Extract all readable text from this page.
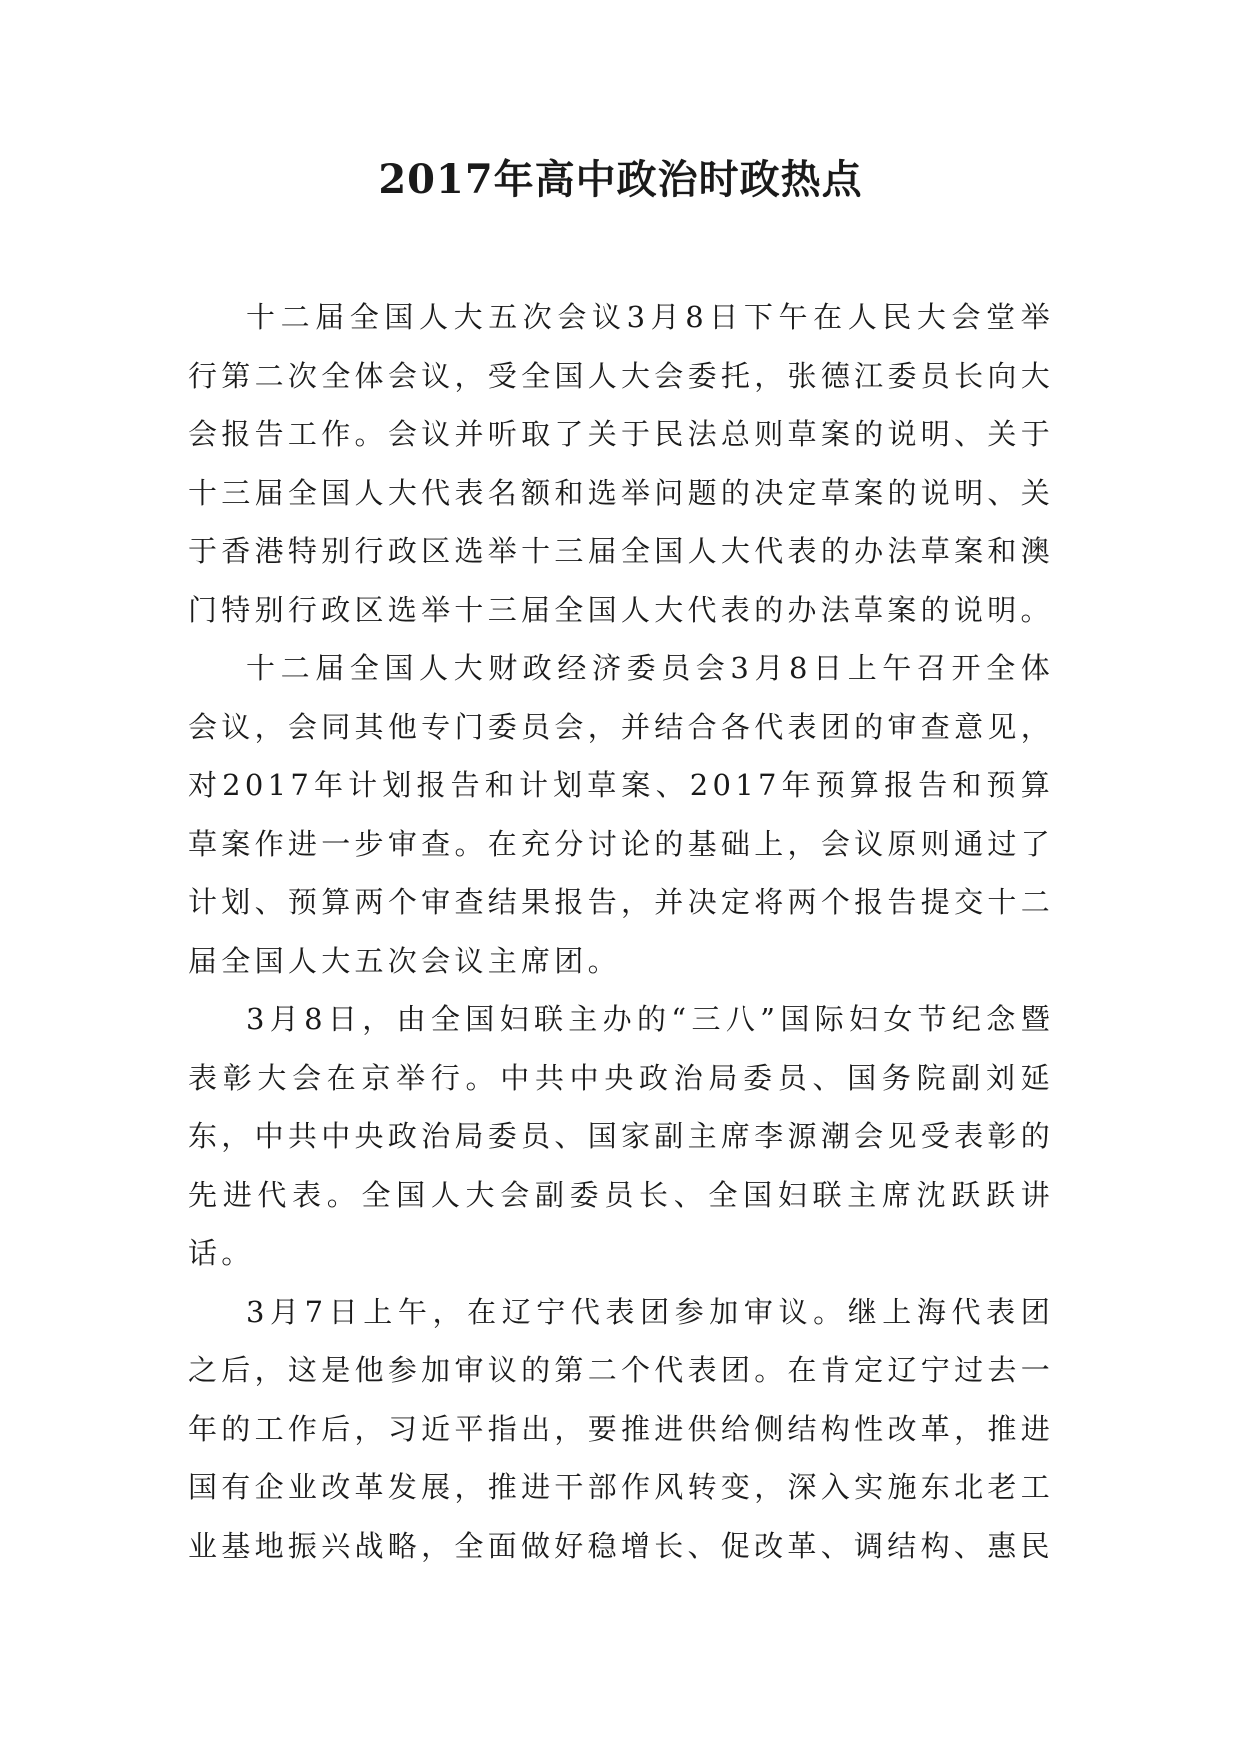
2017年高中政治时政热点

十二届全国人大五次会议3月8日下午在人民大会堂举行第二次全体会议，受全国人大会委托，张德江委员长向大会报告工作。会议并听取了关于民法总则草案的说明、关于十三届全国人大代表名额和选举问题的决定草案的说明、关于香港特别行政区选举十三届全国人大代表的办法草案和澳门特别行政区选举十三届全国人大代表的办法草案的说明。

十二届全国人大财政经济委员会3月8日上午召开全体会议，会同其他专门委员会，并结合各代表团的审查意见，对2017年计划报告和计划草案、2017年预算报告和预算草案作进一步审查。在充分讨论的基础上，会议原则通过了计划、预算两个审查结果报告，并决定将两个报告提交十二届全国人大五次会议主席团。

3月8日，由全国妇联主办的“三八”国际妇女节纪念暨表彰大会在京举行。中共中央政治局委员、国务院副刘延东，中共中央政治局委员、国家副主席李源潮会见受表彰的先进代表。全国人大会副委员长、全国妇联主席沈跃跃讲话。

3月7日上午，在辽宁代表团参加审议。继上海代表团之后，这是他参加审议的第二个代表团。在肯定辽宁过去一年的工作后，习近平指出，要推进供给侧结构性改革，推进国有企业改革发展，推进干部作风转变，深入实施东北老工业基地振兴战略，全面做好稳增长、促改革、调结构、惠民
